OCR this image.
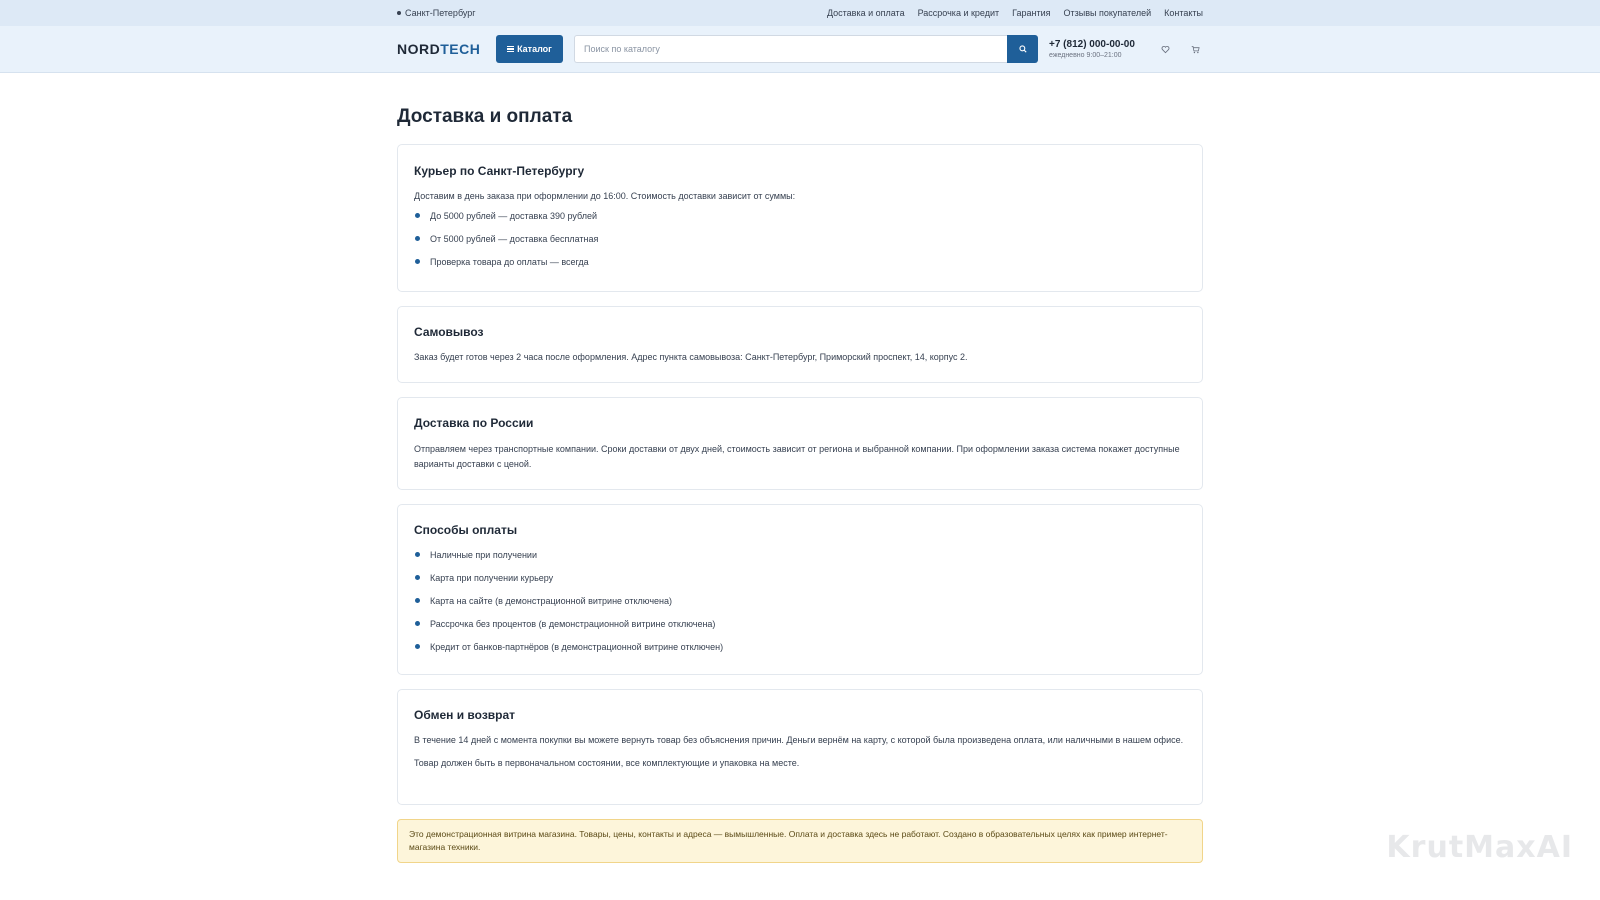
Санкт-Петербург	Доставка и оплата Рассрочка и кредит Гарантия Отзывы покупателей Контакты
NORDTECH	Каталог
Поиск по каталогу	+7 (812) 000-00-00
ежедневно 9:00–21:00
Доставка и оплата
Курьер по Санкт-Петербургу

Доставим в день заказа при оформлении до 16:00. Стоимость доставки зависит от суммы:

До 5000 рублей — доставка 390 рублей
От 5000 рублей — доставка бесплатная
Проверка товара до оплаты — всегда
Самовывоз

Заказ будет готов через 2 часа после оформления. Адрес пункта самовывоза: Санкт-Петербург, Приморский проспект, 14, корпус 2.

Доставка по России

Отправляем через транспортные компании. Сроки доставки от двух дней, стоимость зависит от региона и выбранной компании. При оформлении заказа система покажет доступные варианты доставки с ценой.

Способы оплаты
Наличные при получении
Карта при получении курьеру
Карта на сайте (в демонстрационной витрине отключена)
Рассрочка без процентов (в демонстрационной витрине отключена)
Кредит от банков-партнёров (в демонстрационной витрине отключен)
Обмен и возврат

В течение 14 дней с момента покупки вы можете вернуть товар без объяснения причин. Деньги вернём на карту, с которой была произведена оплата, или наличными в нашем офисе.

Товар должен быть в первоначальном состоянии, все комплектующие и упаковка на месте.

Это демонстрационная витрина магазина. Товары, цены, контакты и адреса — вымышленные. Оплата и доставка здесь не работают. Создано в образовательных целях как пример интернет-магазина техники.	KrutMaxAI
